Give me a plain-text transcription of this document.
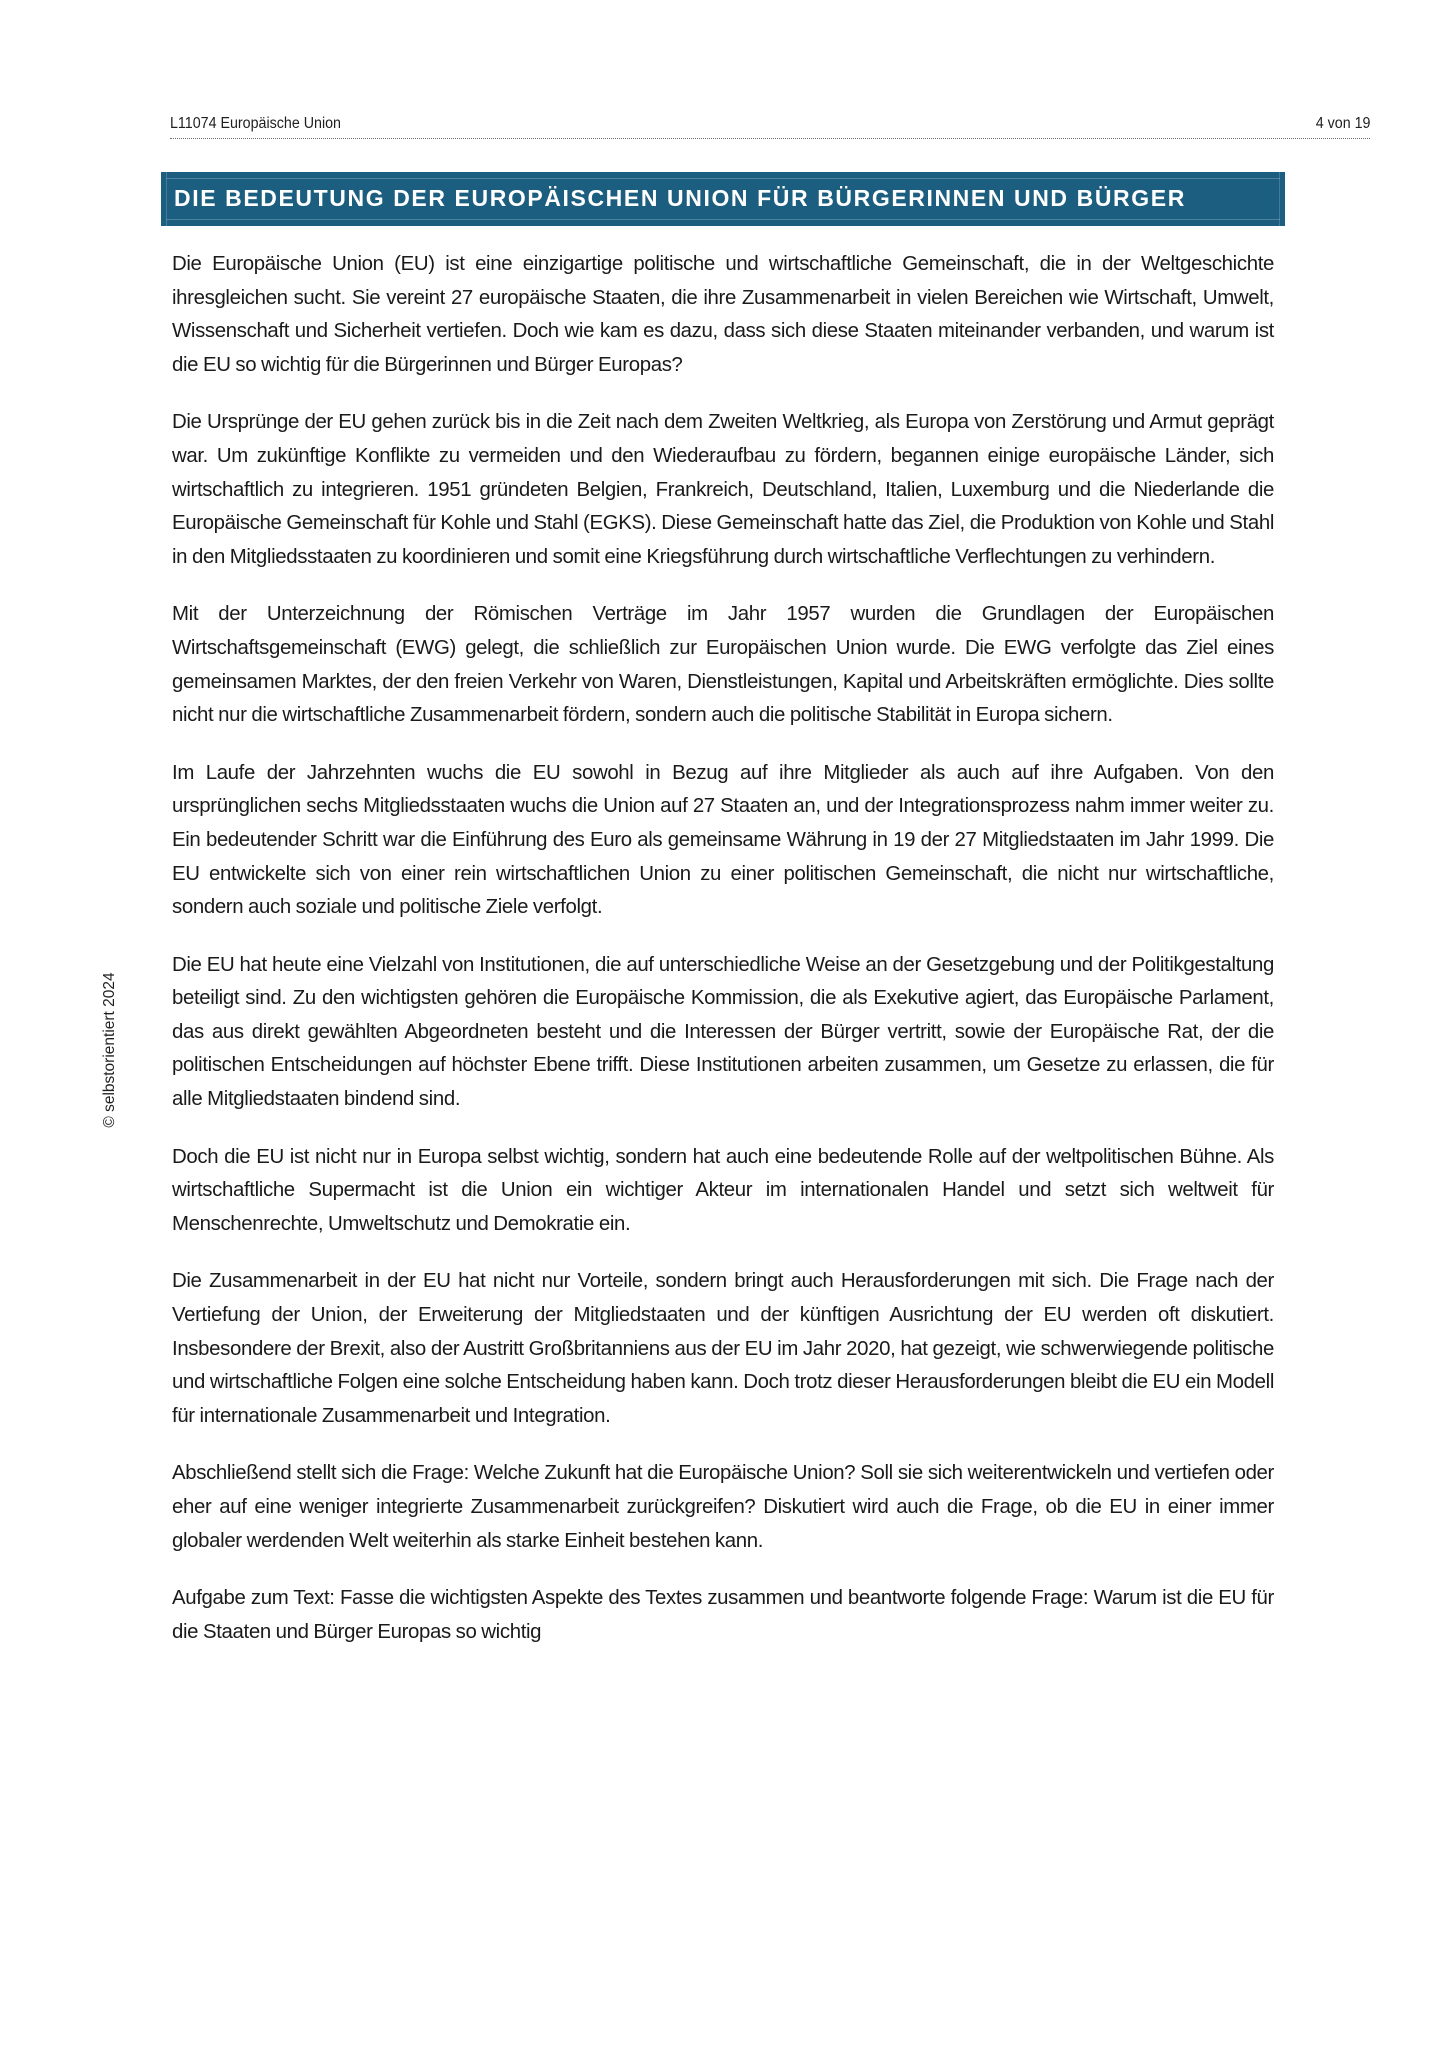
L11074 Europäische Union	4 von 19
DIE BEDEUTUNG DER EUROPÄISCHEN UNION FÜR BÜRGERINNEN UND BÜRGER

Die Europäische Union (EU) ist eine einzigartige politische und wirtschaftliche Gemeinschaft, die in der Weltgeschichte ihresgleichen sucht. Sie vereint 27 europäische Staaten, die ihre Zusammenarbeit in vielen Bereichen wie Wirtschaft, Umwelt, Wissenschaft und Sicherheit vertiefen. Doch wie kam es dazu, dass sich diese Staaten miteinander verbanden, und warum ist die EU so wichtig für die Bürgerinnen und Bürger Europas?

Die Ursprünge der EU gehen zurück bis in die Zeit nach dem Zweiten Weltkrieg, als Europa von Zerstörung und Armut geprägt war. Um zukünftige Konflikte zu vermeiden und den Wiederaufbau zu fördern, begannen einige europäische Länder, sich wirtschaftlich zu integrieren. 1951 gründeten Belgien, Frankreich, Deutschland, Italien, Luxemburg und die Niederlande die Europäische Gemeinschaft für Kohle und Stahl (EGKS). Diese Gemeinschaft hatte das Ziel, die Produktion von Kohle und Stahl in den Mitgliedsstaaten zu koordinieren und somit eine Kriegsführung durch wirtschaftliche Verflechtungen zu verhindern.

Mit der Unterzeichnung der Römischen Verträge im Jahr 1957 wurden die Grundlagen der Europäischen Wirtschaftsgemeinschaft (EWG) gelegt, die schließlich zur Europäischen Union wurde. Die EWG verfolgte das Ziel eines gemeinsamen Marktes, der den freien Verkehr von Waren, Dienstleistungen, Kapital und Arbeitskräften ermöglichte. Dies sollte nicht nur die wirtschaftliche Zusammenarbeit fördern, sondern auch die politische Stabilität in Europa sichern.

Im Laufe der Jahrzehnten wuchs die EU sowohl in Bezug auf ihre Mitglieder als auch auf ihre Aufgaben. Von den ursprünglichen sechs Mitgliedsstaaten wuchs die Union auf 27 Staaten an, und der Integrationsprozess nahm immer weiter zu. Ein bedeutender Schritt war die Einführung des Euro als gemeinsame Währung in 19 der 27 Mitgliedstaaten im Jahr 1999. Die EU entwickelte sich von einer rein wirtschaftlichen Union zu einer politischen Gemeinschaft, die nicht nur wirtschaftliche, sondern auch soziale und politische Ziele verfolgt.

Die EU hat heute eine Vielzahl von Institutionen, die auf unterschiedliche Weise an der Gesetzgebung und der Politikgestaltung beteiligt sind. Zu den wichtigsten gehören die Europäische Kommission, die als Exekutive agiert, das Europäische Parlament, das aus direkt gewählten Abgeordneten besteht und die Interessen der Bürger vertritt, sowie der Europäische Rat, der die politischen Entscheidungen auf höchster Ebene trifft. Diese Institutionen arbeiten zusammen, um Gesetze zu erlassen, die für alle Mitgliedstaaten bindend sind.

Doch die EU ist nicht nur in Europa selbst wichtig, sondern hat auch eine bedeutende Rolle auf der weltpolitischen Bühne. Als wirtschaftliche Supermacht ist die Union ein wichtiger Akteur im internationalen Handel und setzt sich weltweit für Menschenrechte, Umweltschutz und Demokratie ein.

Die Zusammenarbeit in der EU hat nicht nur Vorteile, sondern bringt auch Herausforderungen mit sich. Die Frage nach der Vertiefung der Union, der Erweiterung der Mitgliedstaaten und der künftigen Ausrichtung der EU werden oft diskutiert. Insbesondere der Brexit, also der Austritt Großbritanniens aus der EU im Jahr 2020, hat gezeigt, wie schwerwiegende politische und wirtschaftliche Folgen eine solche Entscheidung haben kann. Doch trotz dieser Herausforderungen bleibt die EU ein Modell für internationale Zusammenarbeit und Integration.

Abschließend stellt sich die Frage: Welche Zukunft hat die Europäische Union? Soll sie sich weiterentwickeln und vertiefen oder eher auf eine weniger integrierte Zusammenarbeit zurückgreifen? Diskutiert wird auch die Frage, ob die EU in einer immer globaler werdenden Welt weiterhin als starke Einheit bestehen kann.

Aufgabe zum Text: Fasse die wichtigsten Aspekte des Textes zusammen und beantworte folgende Frage: Warum ist die EU für die Staaten und Bürger Europas so wichtig

© selbstorientiert 2024
